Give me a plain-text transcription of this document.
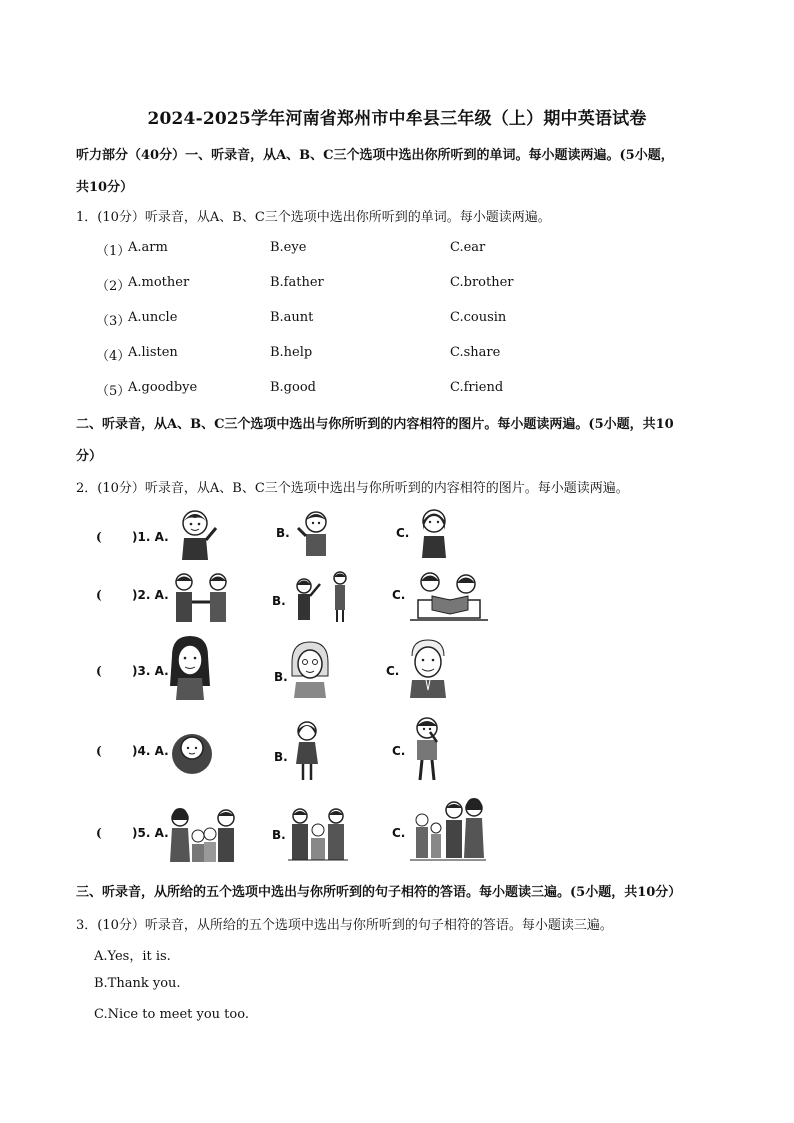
2024-2025学年河南省郑州市中牟县三年级（上）期中英语试卷
听力部分（40分）一、听录音，从A、B、C三个选项中选出你所听到的单词。每小题读两遍。(5小题，
共10分）
1．(10分）听录音，从A、B、C三个选项中选出你所听到的单词。每小题读两遍。
（1）
A.arm	B.eye	C.ear
（2）
A.mother	B.father	C.brother
（3）
A.uncle	B.aunt	C.cousin
（4）
A.listen	B.help	C.share
（5）
A.goodbye	B.good	C.friend
二、听录音，从A、B、C三个选项中选出与你所听到的内容相符的图片。每小题读两遍。(5小题，共10
分）
2．(10分）听录音，从A、B、C三个选项中选出与你所听到的内容相符的图片。每小题读两遍。
(	)1. A.	B.	C.
(	)2. A.	B.	C.
(	)3. A.	B.	C.
(	)4. A.	B.	C.
(	)5. A.	B.	C.
三、听录音，从所给的五个选项中选出与你所听到的句子相符的答语。每小题读三遍。(5小题，共10分）
3．(10分）听录音，从所给的五个选项中选出与你所听到的句子相符的答语。每小题读三遍。
A.Yes，it is.
B.Thank you.
C.Nice to meet you too.
